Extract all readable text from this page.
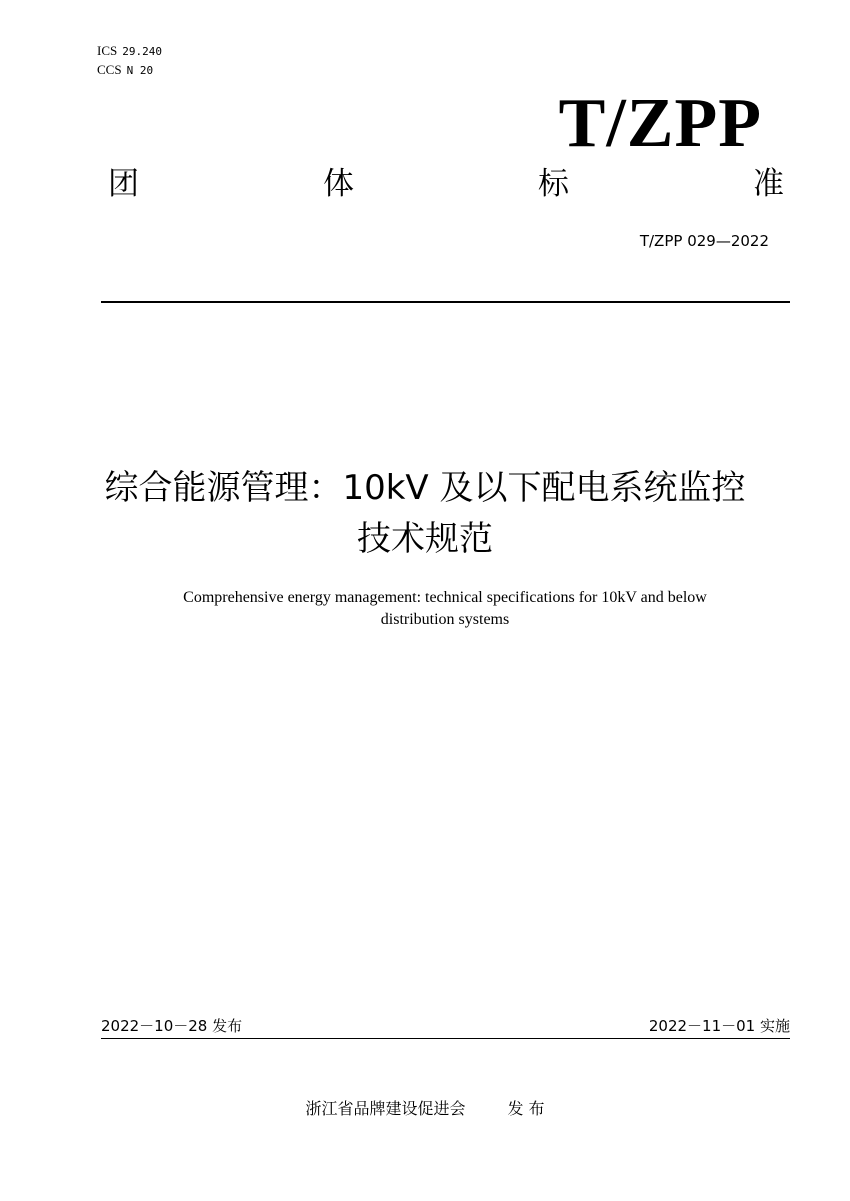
ICS 29.240
CCS N 20
T/ZPP
团	体	标	准
T/ZPP 029—2022
综合能源管理：10kV 及以下配电系统监控
技术规范
Comprehensive energy management: technical specifications for 10kV and below
distribution systems
2022－10－28 发布	2022－11－01 实施
浙江省品牌建设促进会	发 布
